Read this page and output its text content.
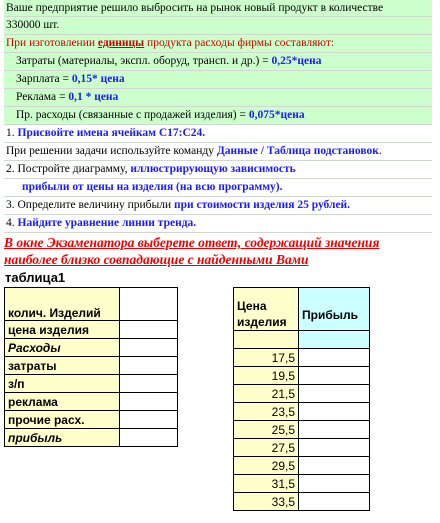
Ваше предприятие решило выбросить на рынок новый продукт в количестве
330000 шт.
При изготовлении единицы продукта расходы фирмы составляют:
Затраты (материалы, экспл. оборуд, трансп. и др.) = 0,25*цена
Зарплата = 0,15* цена
Реклама = 0,1 * цена
Пр. расходы (связанные с продажей изделия) = 0,075*цена
1. Присвойте имена ячейкам С17:С24.
При решении задачи используйте команду Данные / Таблица подстановок.
2. Постройте диаграмму, иллюстрирующую зависимость
прибыли от цены на изделия (на всю программу).
3. Определите величину прибыли при стоимости изделия 25 рублей.
4. Найдите уравнение линии тренда.
В окне Экзаменатора выберете ответ, содержащий значения
наиболее близко совпадающие с найденными Вами
таблица1
колич. Изделий	
цена изделия	
Расходы	
затраты	
з/п	
реклама	
прочие расх.	
прибыль	
Цена
изделия	Прибыль

17,5	
19,5	
21,5	
23,5	
25,5	
27,5	
29,5	
31,5	
33,5	
